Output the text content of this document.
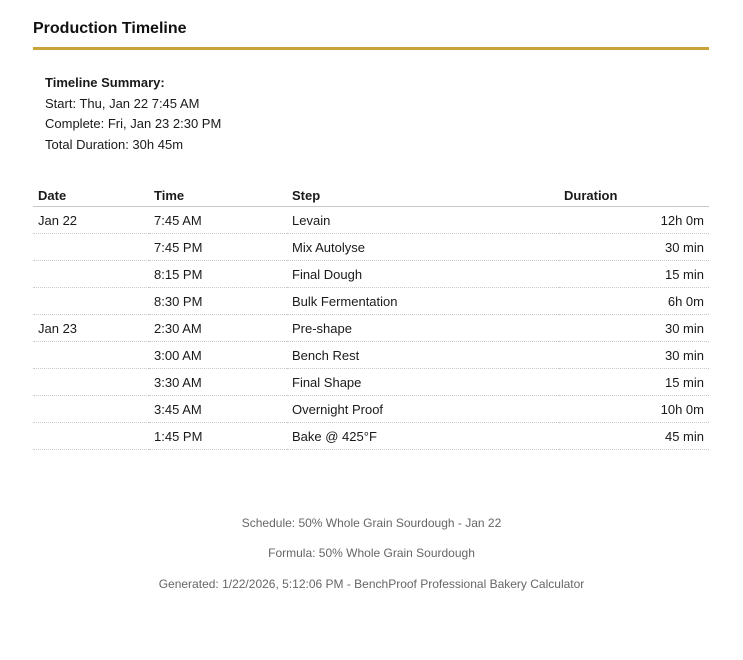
Production Timeline
Timeline Summary:
Start: Thu, Jan 22 7:45 AM
Complete: Fri, Jan 23 2:30 PM
Total Duration: 30h 45m
Date	Time	Step	Duration
Jan 22	7:45 AM	Levain	12h 0m
	7:45 PM	Mix Autolyse	30 min
	8:15 PM	Final Dough	15 min
	8:30 PM	Bulk Fermentation	6h 0m
Jan 23	2:30 AM	Pre-shape	30 min
	3:00 AM	Bench Rest	30 min
	3:30 AM	Final Shape	15 min
	3:45 AM	Overnight Proof	10h 0m
	1:45 PM	Bake @ 425°F	45 min
Schedule: 50% Whole Grain Sourdough - Jan 22
Formula: 50% Whole Grain Sourdough
Generated: 1/22/2026, 5:12:06 PM - BenchProof Professional Bakery Calculator
